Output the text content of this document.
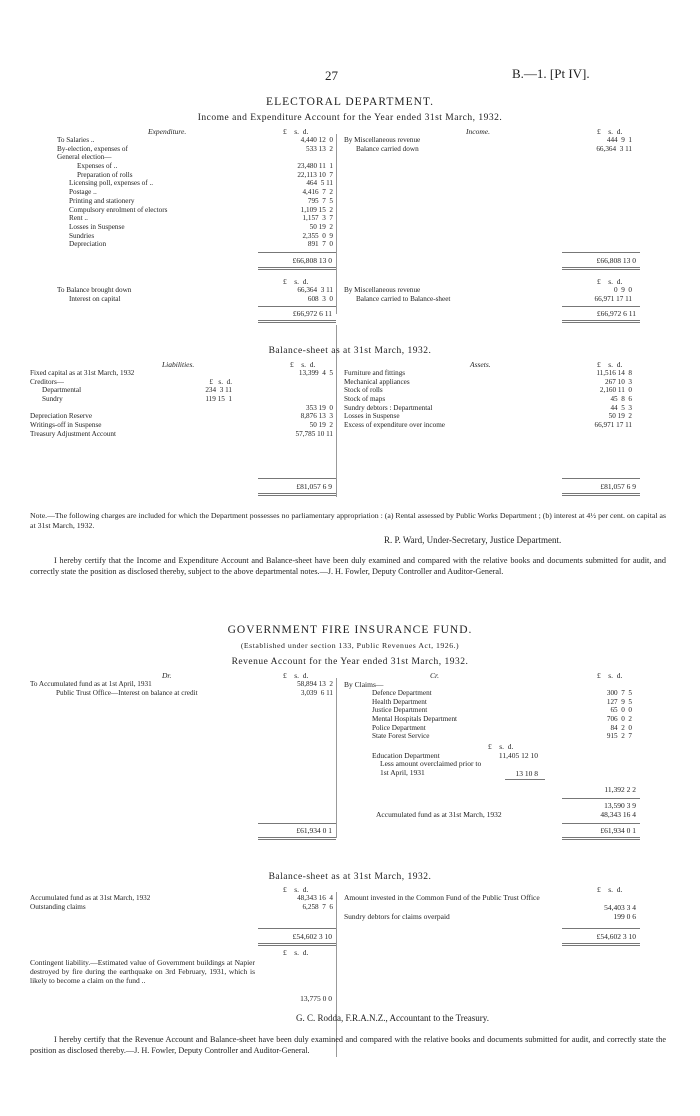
27	B.—1. [Pt IV].
ELECTORAL DEPARTMENT.
Income and Expenditure Account for the Year ended 31st March, 1932.
Expenditure.	£    s.  d.	Income.	£    s.  d.
To Salaries ..	4,440 12  0
By-election, expenses of	533 13  2
General election—
Expenses of ..	23,480 11  1
Preparation of rolls	22,113 10  7
Licensing poll, expenses of ..	464  5 11
Postage ..	4,416  7  2
Printing and stationery	795  7  5
Compulsory enrolment of electors	1,109 15  2
Rent ..	1,157  3  7
Losses in Suspense	50 19  2
Sundries	2,355  0  9
Depreciation	891  7  0
By Miscellaneous revenue	444  9  1
Balance carried down	66,364  3 11
£66,808 13 0	£66,808 13 0
£    s.  d.	£    s.  d.
To Balance brought down	66,364  3 11
Interest on capital	608  3  0
By Miscellaneous revenue	0  9  0
Balance carried to Balance-sheet	66,971 17 11
£66,972 6 11	£66,972 6 11
Balance-sheet as at 31st March, 1932.
Liabilities.	£    s.  d.	Assets.	£    s.  d.
Fixed capital as at 31st March, 1932	13,399  4  5
Creditors—	£   s.  d.
Departmental	234  3 11
Sundry	119 15  1
353 19  0
Depreciation Reserve	8,876 13  3
Writings-off in Suspense	50 19  2
Treasury Adjustment Account	57,785 10 11
Furniture and fittings	11,516 14  8
Mechanical appliances	267 10  3
Stock of rolls	2,160 11  0
Stock of maps	45  8  6
Sundry debtors : Departmental	44  5  3
Losses in Suspense	50 19  2
Excess of expenditure over income	66,971 17 11
£81,057 6 9	£81,057 6 9
Note.—The following charges are included for which the Department possesses no parliamentary appropriation : (a) Rental assessed by Public Works Department ; (b) interest at 4½ per cent. on capital as at 31st March, 1932.
R. P. Ward, Under-Secretary, Justice Department.
I hereby certify that the Income and Expenditure Account and Balance-sheet have been duly examined and compared with the relative books and documents submitted for audit, and correctly state the position as disclosed thereby, subject to the above departmental notes.—J. H. Fowler, Deputy Controller and Auditor-General.
GOVERNMENT FIRE INSURANCE FUND.
(Established under section 133, Public Revenues Act, 1926.)
Revenue Account for the Year ended 31st March, 1932.
Dr.	£    s.  d.	Cr.	£    s.  d.
To Accumulated fund as at 1st April, 1931	58,894 13  2
Public Trust Office—Interest on balance at credit	3,039  6 11
By Claims—
Defence Department	300  7  5
Health Department	127  9  5
Justice Department	65  0  0
Mental Hospitals Department	706  0  2
Police Department	84  2  0
State Forest Service	915  2  7
£    s.  d.
Education Department	11,405 12 10
Less amount overclaimed prior to 1st April, 1931	13 10 8
11,392 2 2
13,590 3 9
Accumulated fund as at 31st March, 1932	48,343 16 4
£61,934 0 1	£61,934 0 1
Balance-sheet as at 31st March, 1932.
£    s.  d.	£    s.  d.
Accumulated fund as at 31st March, 1932	48,343 16  4
Outstanding claims	6,258  7  6
Amount invested in the Common Fund of the Public Trust Office
54,403 3 4
Sundry debtors for claims overpaid	199 0 6
£54,602 3 10	£54,602 3 10
£    s.  d.
Contingent liability.—Estimated value of Government buildings at Napier destroyed by fire during the earthquake on 3rd February, 1931, which is likely to become a claim on the fund ..
13,775 0 0
G. C. Rodda, F.R.A.N.Z., Accountant to the Treasury.
I hereby certify that the Revenue Account and Balance-sheet have been duly examined and compared with the relative books and documents submitted for audit, and correctly state the position as disclosed thereby.—J. H. Fowler, Deputy Controller and Auditor-General.
